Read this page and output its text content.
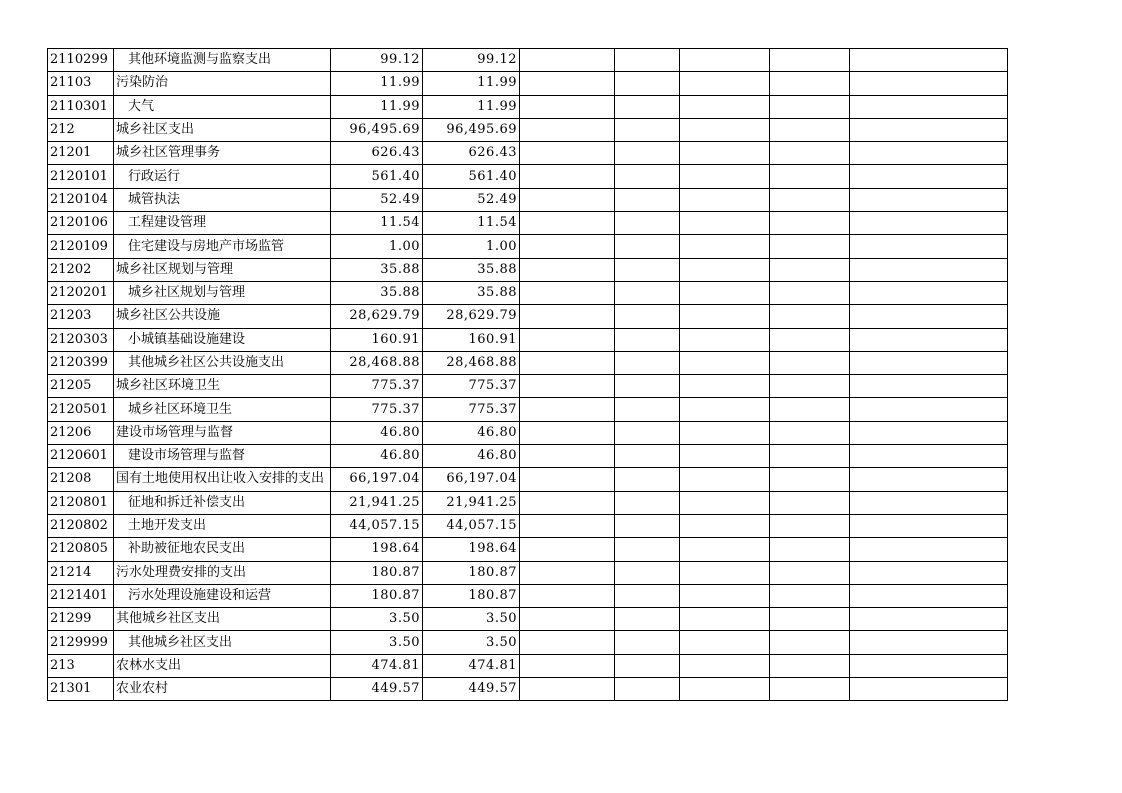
2110299	其他环境监测与监察支出	99.12	99.12					
21103	污染防治	11.99	11.99					
2110301	大气	11.99	11.99					
212	城乡社区支出	96,495.69	96,495.69					
21201	城乡社区管理事务	626.43	626.43					
2120101	行政运行	561.40	561.40					
2120104	城管执法	52.49	52.49					
2120106	工程建设管理	11.54	11.54					
2120109	住宅建设与房地产市场监管	1.00	1.00					
21202	城乡社区规划与管理	35.88	35.88					
2120201	城乡社区规划与管理	35.88	35.88					
21203	城乡社区公共设施	28,629.79	28,629.79					
2120303	小城镇基础设施建设	160.91	160.91					
2120399	其他城乡社区公共设施支出	28,468.88	28,468.88					
21205	城乡社区环境卫生	775.37	775.37					
2120501	城乡社区环境卫生	775.37	775.37					
21206	建设市场管理与监督	46.80	46.80					
2120601	建设市场管理与监督	46.80	46.80					
21208	国有土地使用权出让收入安排的支出	66,197.04	66,197.04					
2120801	征地和拆迁补偿支出	21,941.25	21,941.25					
2120802	土地开发支出	44,057.15	44,057.15					
2120805	补助被征地农民支出	198.64	198.64					
21214	污水处理费安排的支出	180.87	180.87					
2121401	污水处理设施建设和运营	180.87	180.87					
21299	其他城乡社区支出	3.50	3.50					
2129999	其他城乡社区支出	3.50	3.50					
213	农林水支出	474.81	474.81					
21301	农业农村	449.57	449.57					
